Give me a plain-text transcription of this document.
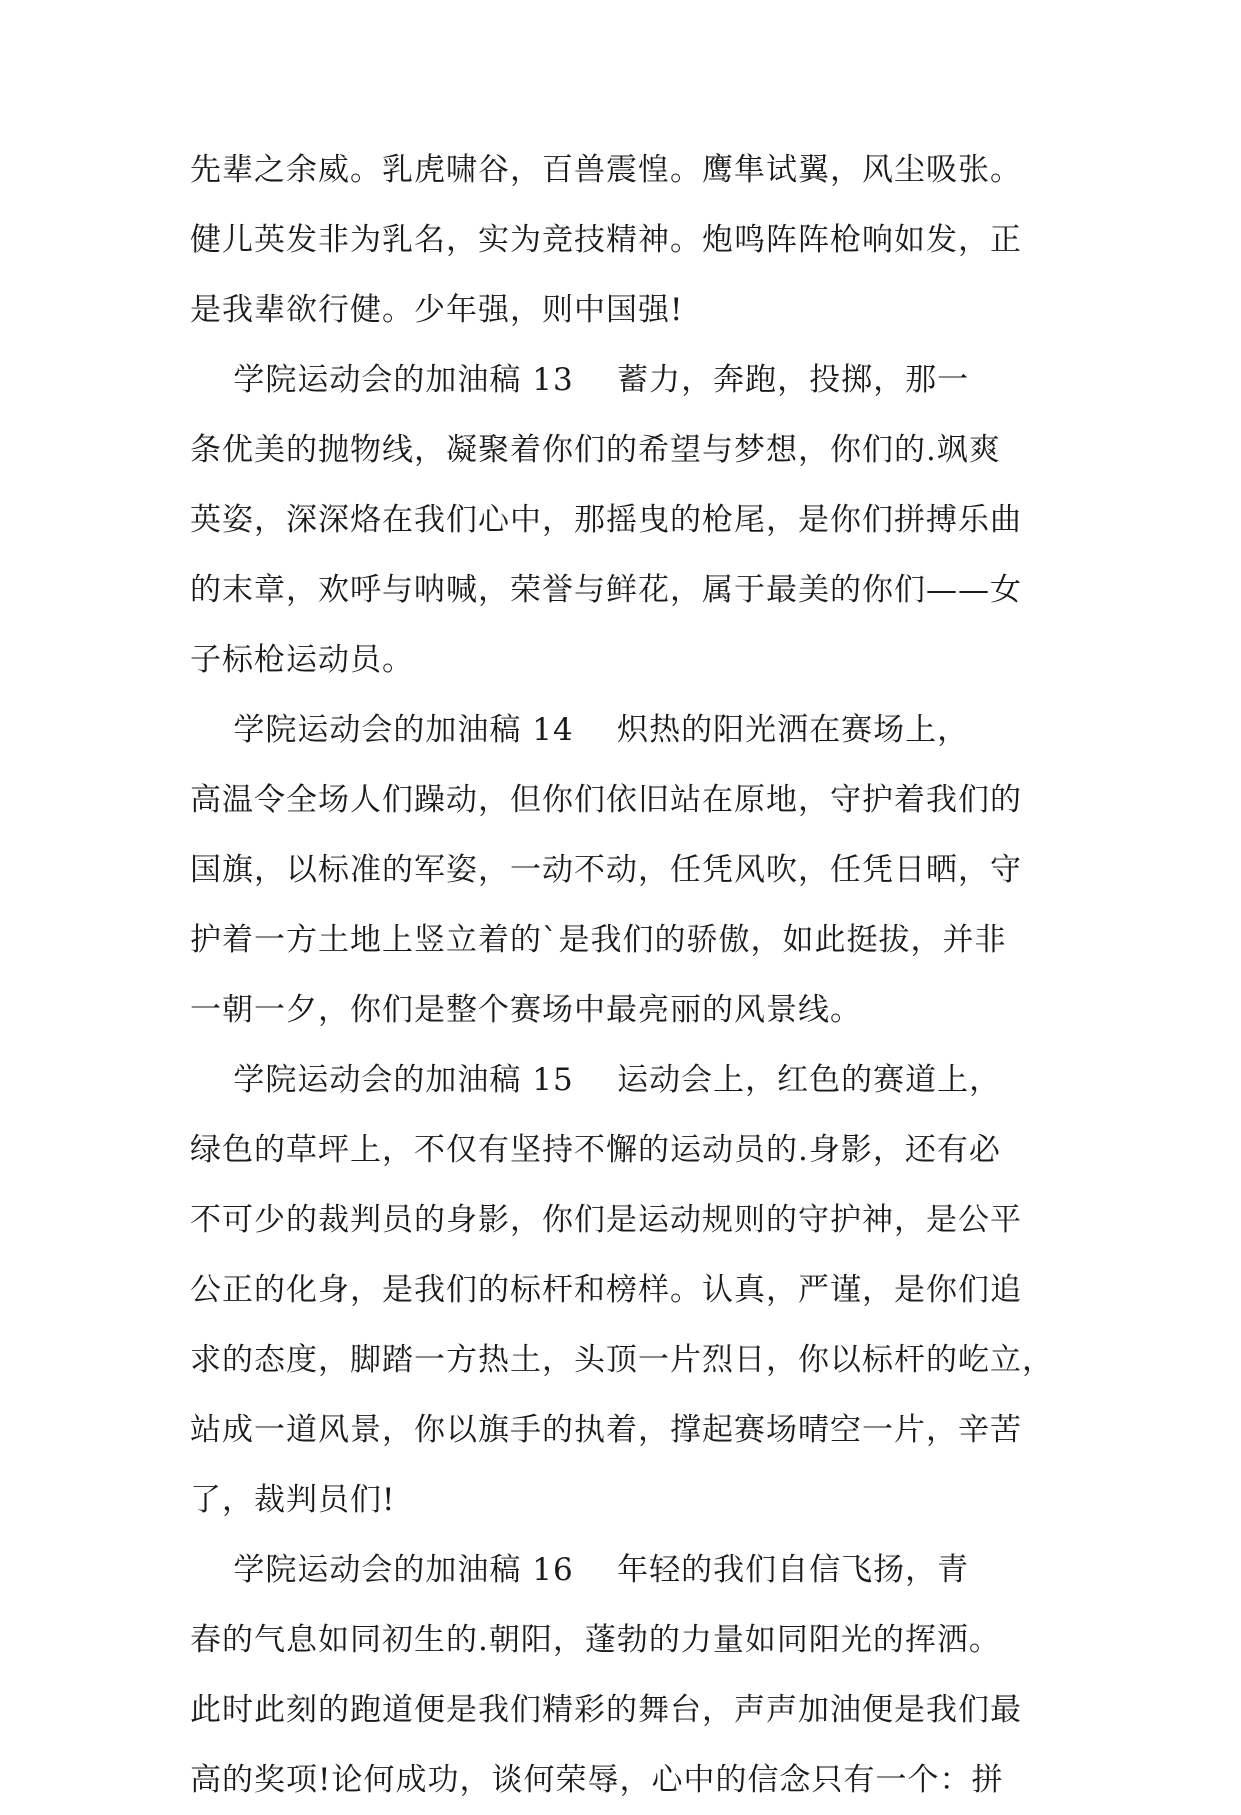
先辈之余威。乳虎啸谷，百兽震惶。鹰隼试翼，风尘吸张。
健儿英发非为乳名，实为竞技精神。炮鸣阵阵枪响如发，正
是我辈欲行健。少年强，则中国强!
学院运动会的加油稿 13    蓄力，奔跑，投掷，那一
条优美的抛物线，凝聚着你们的希望与梦想，你们的.飒爽
英姿，深深烙在我们心中，那摇曳的枪尾，是你们拼搏乐曲
的末章，欢呼与呐喊，荣誉与鲜花，属于最美的你们——女
子标枪运动员。
学院运动会的加油稿 14    炽热的阳光洒在赛场上，
高温令全场人们躁动，但你们依旧站在原地，守护着我们的
国旗，以标准的军姿，一动不动，任凭风吹，任凭日晒，守
护着一方土地上竖立着的`是我们的骄傲，如此挺拔，并非
一朝一夕，你们是整个赛场中最亮丽的风景线。
学院运动会的加油稿 15    运动会上，红色的赛道上，
绿色的草坪上，不仅有坚持不懈的运动员的.身影，还有必
不可少的裁判员的身影，你们是运动规则的守护神，是公平
公正的化身，是我们的标杆和榜样。认真，严谨，是你们追
求的态度，脚踏一方热土，头顶一片烈日，你以标杆的屹立，
站成一道风景，你以旗手的执着，撑起赛场晴空一片，辛苦
了，裁判员们!
学院运动会的加油稿 16    年轻的我们自信飞扬，青
春的气息如同初生的.朝阳，蓬勃的力量如同阳光的挥洒。
此时此刻的跑道便是我们精彩的舞台，声声加油便是我们最
高的奖项!论何成功，谈何荣辱，心中的信念只有一个：拼
